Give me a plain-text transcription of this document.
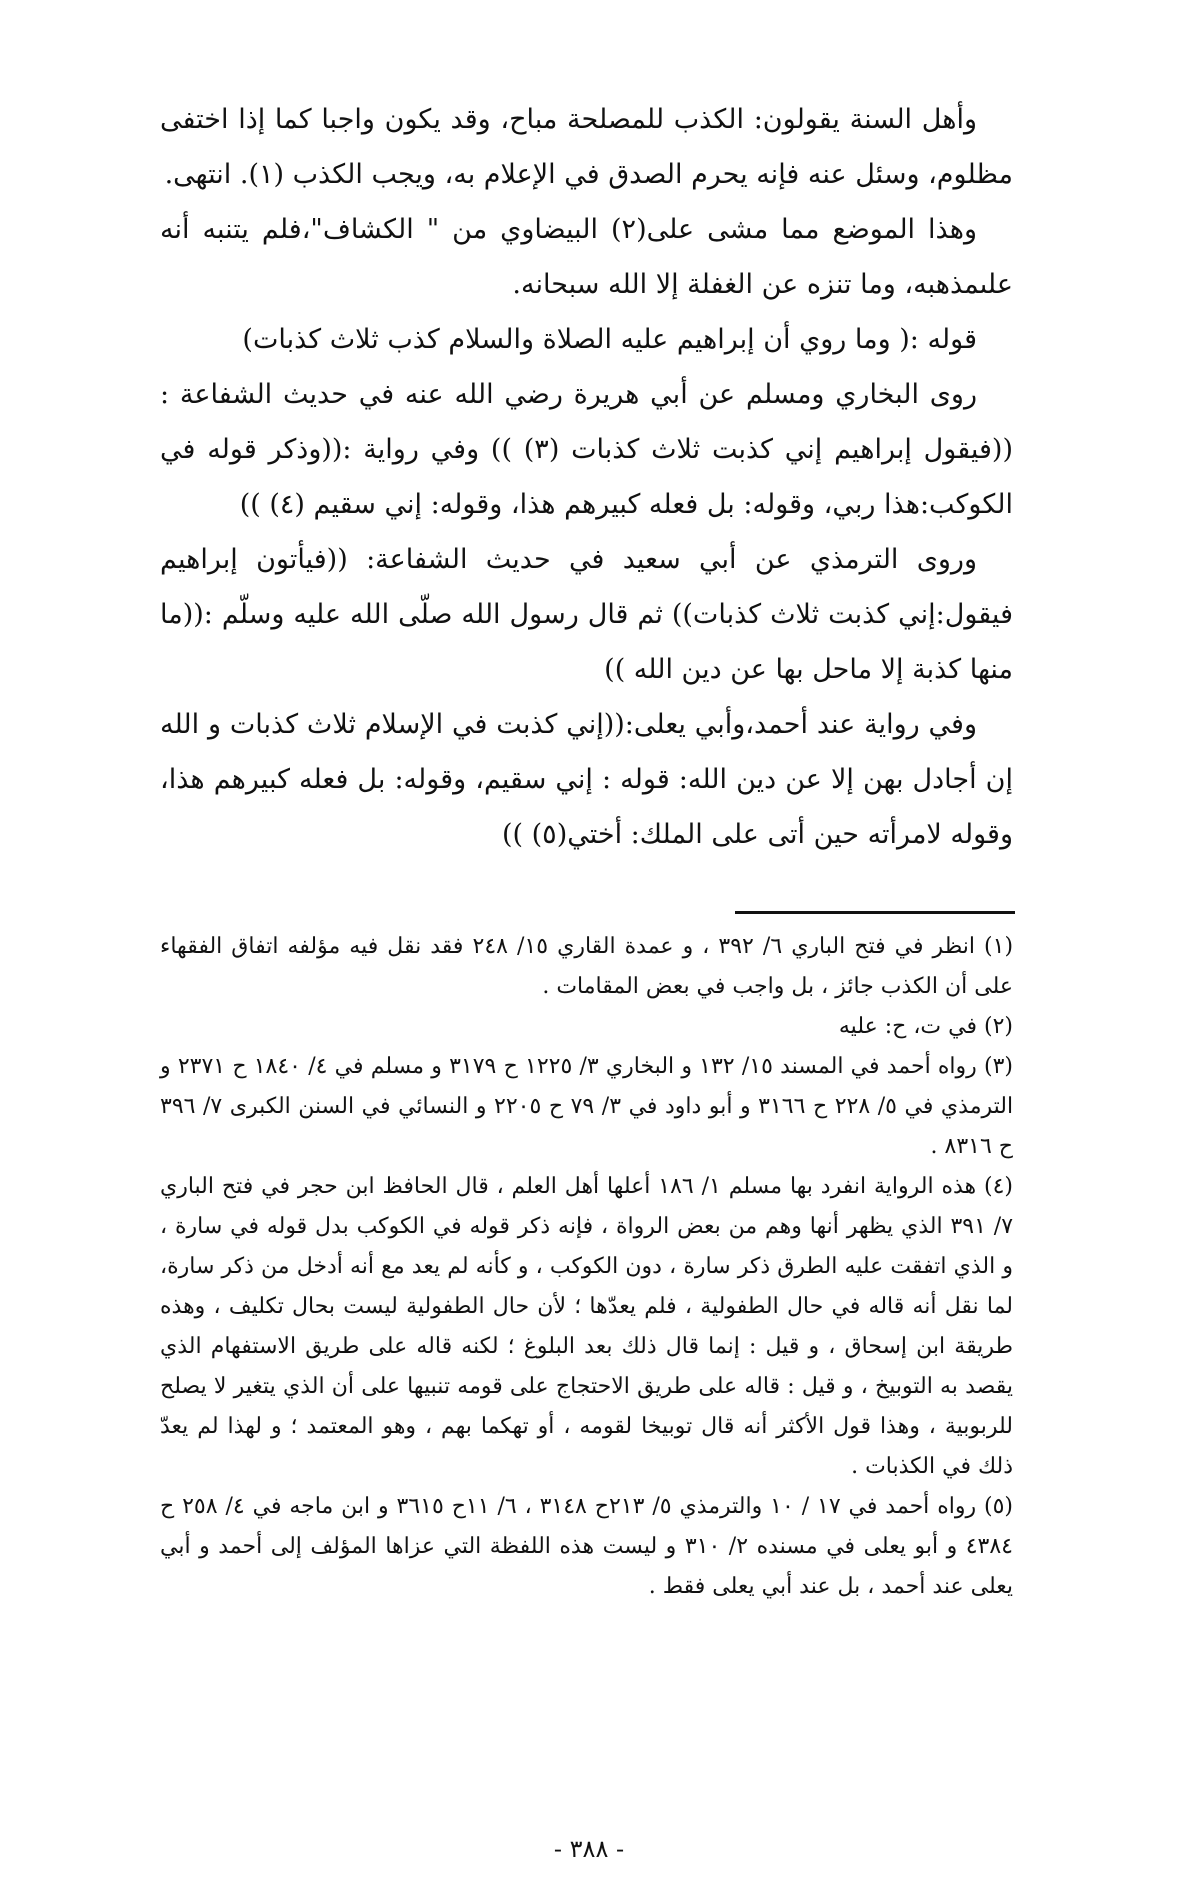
وأهل السنة يقولون: الكذب للمصلحة مباح، وقد يكون واجبا كما إذا اختفى مظلوم، وسئل عنه فإنه يحرم الصدق في الإعلام به، ويجب الكذب (١). انتهى.

وهذا الموضع مما مشى على(٢) البيضاوي من " الكشاف"،فلم يتنبه أنه علىمذهبه، وما تنزه عن الغفلة إلا الله سبحانه.

قوله :( وما روي أن إبراهيم عليه الصلاة والسلام كذب ثلاث كذبات)

روى البخاري ومسلم عن أبي هريرة رضي الله عنه في حديث الشفاعة : ((فيقول إبراهيم إني كذبت ثلاث كذبات (٣) )) وفي رواية :((وذكر قوله في الكوكب:هذا ربي، وقوله: بل فعله كبيرهم هذا، وقوله: إني سقيم (٤) ))

وروى الترمذي عن أبي سعيد في حديث الشفاعة: ((فيأتون إبراهيم فيقول:إني كذبت ثلاث كذبات)) ثم قال رسول الله صلّى الله عليه وسلّم :((ما منها كذبة إلا ماحل بها عن دين الله ))

وفي رواية عند أحمد،وأبي يعلى:((إني كذبت في الإسلام ثلاث كذبات و الله إن أجادل بهن إلا عن دين الله: قوله : إني سقيم، وقوله: بل فعله كبيرهم هذا، وقوله لامرأته حين أتى على الملك: أختي(٥) ))

(١) انظر في فتح الباري ٦/ ٣٩٢ ، و عمدة القاري ١٥/ ٢٤٨ فقد نقل فيه مؤلفه اتفاق الفقهاء على أن الكذب جائز ، بل واجب في بعض المقامات .

(٢) في ت، ح: عليه

(٣) رواه أحمد في المسند ١٥/ ١٣٢ و البخاري ٣/ ١٢٢٥ ح ٣١٧٩ و مسلم في ٤/ ١٨٤٠ ح ٢٣٧١ و الترمذي في ٥/ ٢٢٨ ح ٣١٦٦ و أبو داود في ٣/ ٧٩ ح ٢٢٠٥ و النسائي في السنن الكبرى ٧/ ٣٩٦ ح ٨٣١٦ .

(٤) هذه الرواية انفرد بها مسلم ١/ ١٨٦ أعلها أهل العلم ، قال الحافظ ابن حجر في فتح الباري ٧/ ٣٩١ الذي يظهر أنها وهم من بعض الرواة ، فإنه ذكر قوله في الكوكب بدل قوله في سارة ، و الذي اتفقت عليه الطرق ذكر سارة ، دون الكوكب ، و كأنه لم يعد مع أنه أدخل من ذكر سارة، لما نقل أنه قاله في حال الطفولية ، فلم يعدّها ؛ لأن حال الطفولية ليست بحال تكليف ، وهذه طريقة ابن إسحاق ، و قيل : إنما قال ذلك بعد البلوغ ؛ لكنه قاله على طريق الاستفهام الذي يقصد به التوبيخ ، و قيل : قاله على طريق الاحتجاج على قومه تنبيها على أن الذي يتغير لا يصلح للربوبية ، وهذا قول الأكثر أنه قال توبيخا لقومه ، أو تهكما بهم ، وهو المعتمد ؛ و لهذا لم يعدّ ذلك في الكذبات .

(٥) رواه أحمد في ١٧ / ١٠ والترمذي ٥/ ٢١٣ح ٣١٤٨ ، ٦/ ١١ح ٣٦١٥ و ابن ماجه في ٤/ ٢٥٨ ح ٤٣٨٤ و أبو يعلى في مسنده ٢/ ٣١٠ و ليست هذه اللفظة التي عزاها المؤلف إلى أحمد و أبي يعلى عند أحمد ، بل عند أبي يعلى فقط .

- ٣٨٨ -
